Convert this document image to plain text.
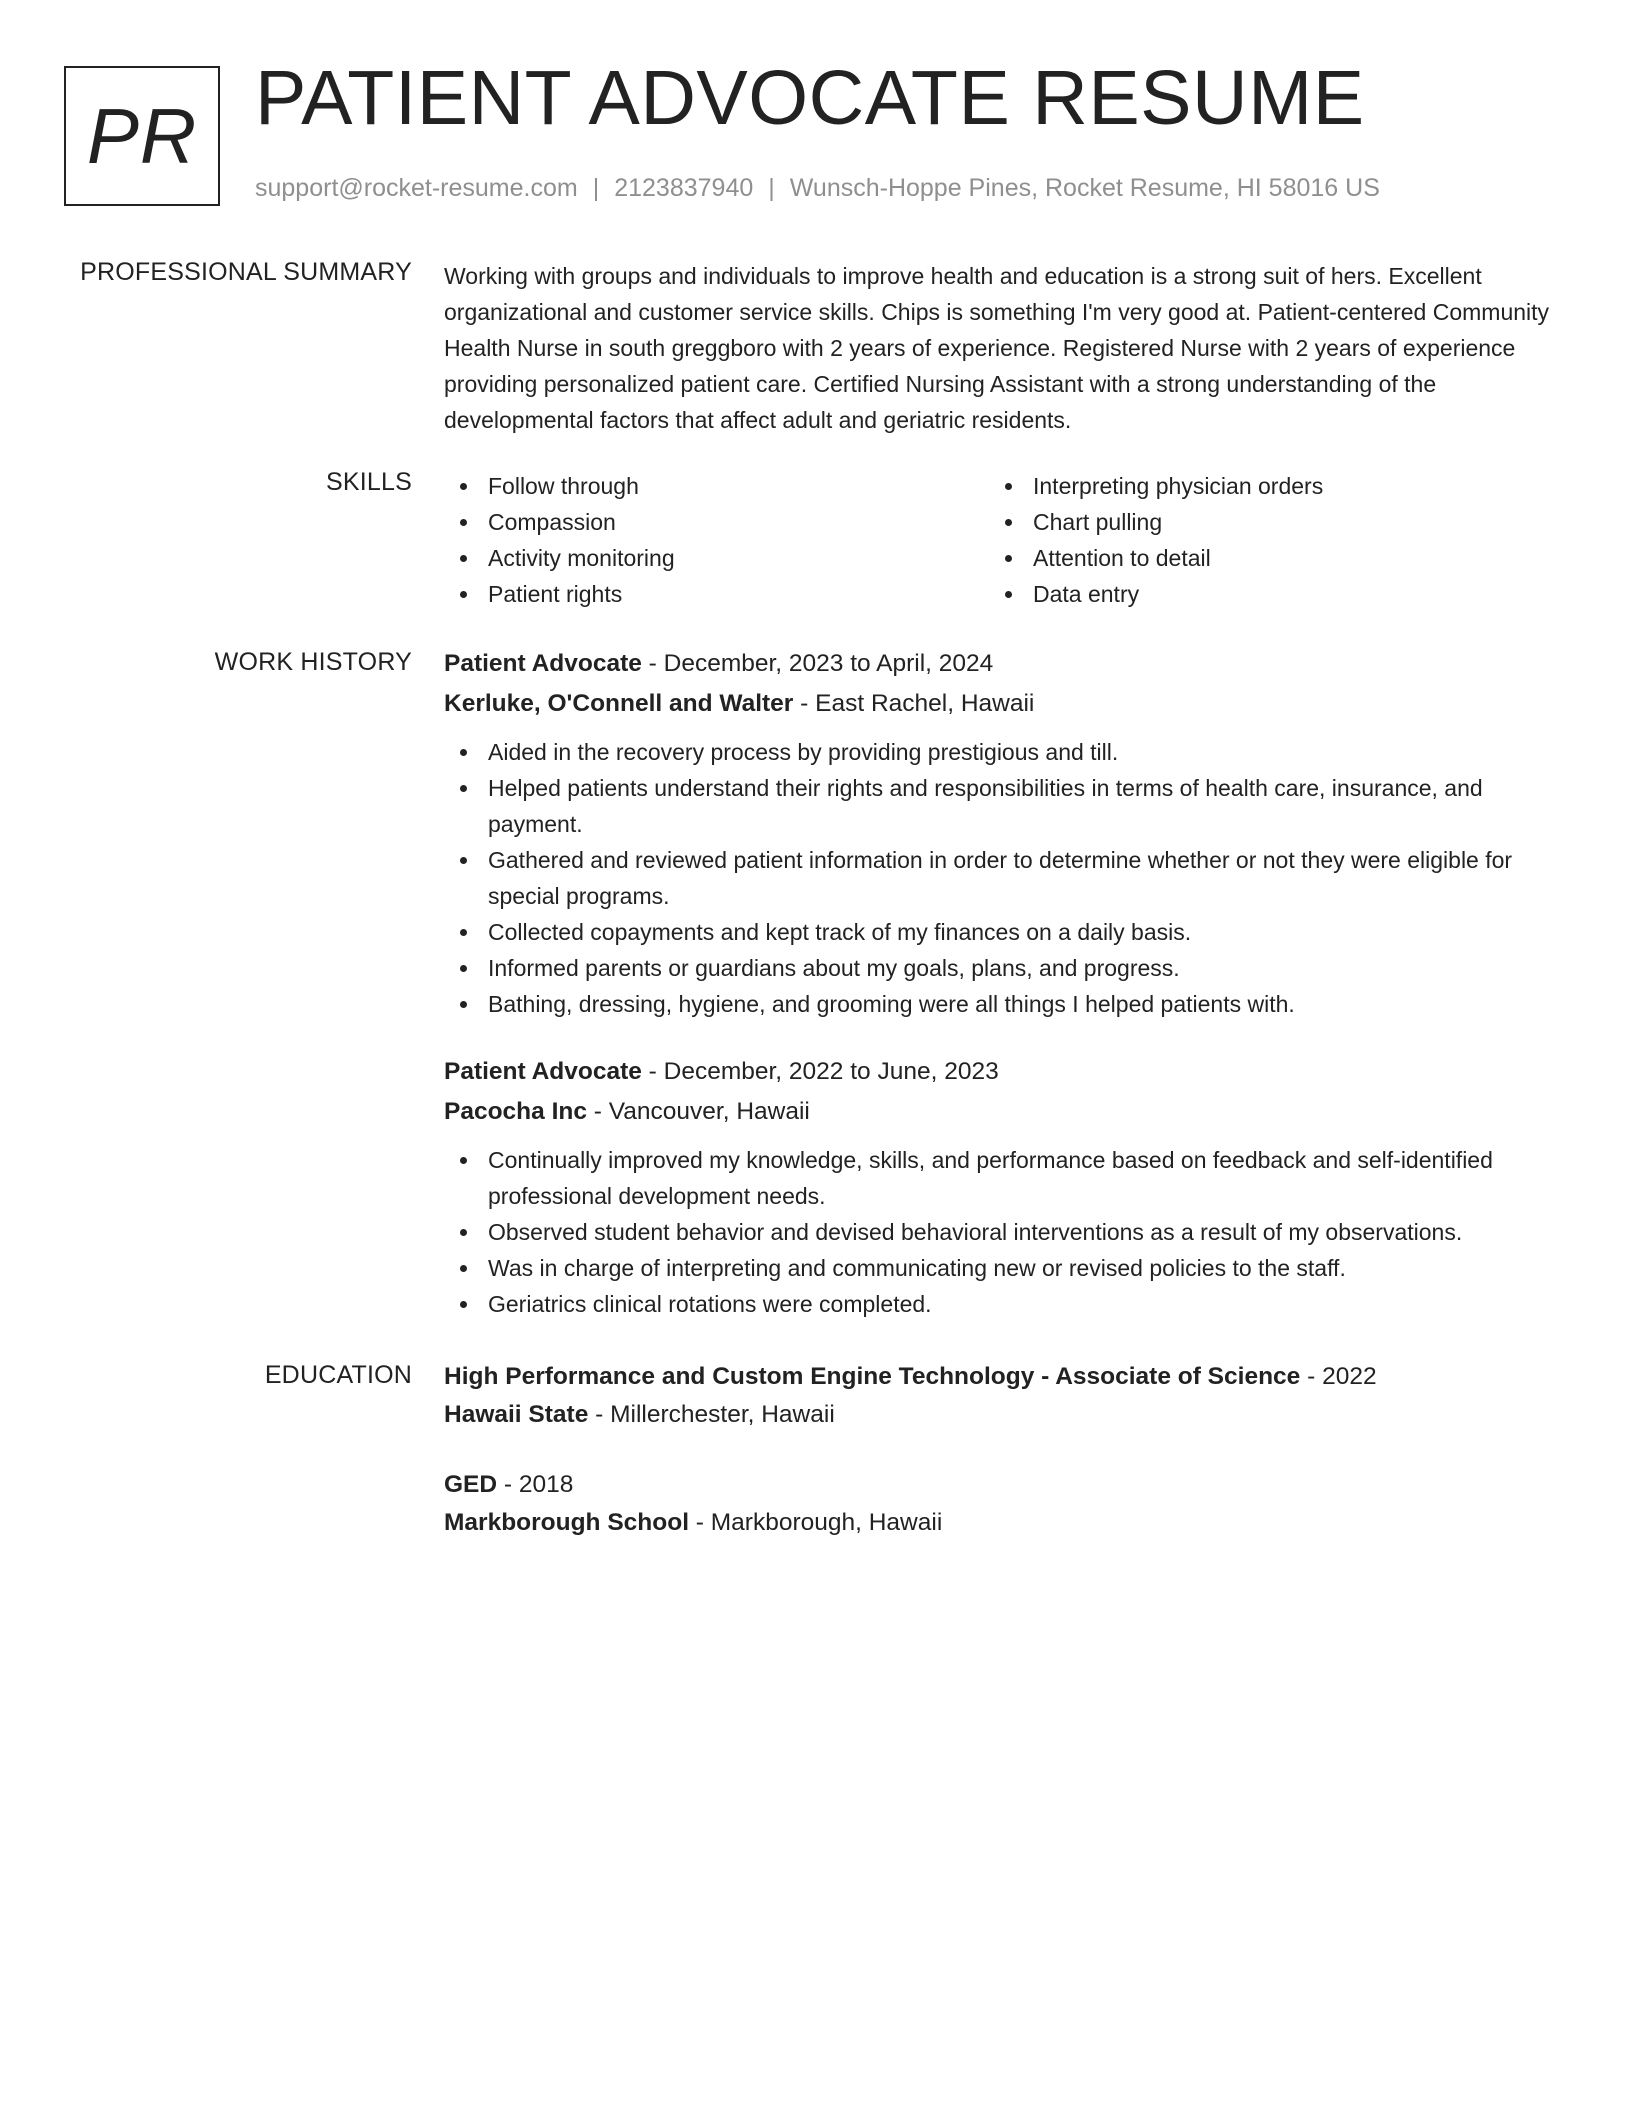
PR PATIENT ADVOCATE RESUME
support@rocket-resume.com | 2123837940 | Wunsch-Hoppe Pines, Rocket Resume, HI 58016 US
PROFESSIONAL SUMMARY Working with groups and individuals to improve health and education is a strong suit of hers. Excellent organizational and customer service skills. Chips is something I'm very good at. Patient-centered Community Health Nurse in south greggboro with 2 years of experience. Registered Nurse with 2 years of experience providing personalized patient care. Certified Nursing Assistant with a strong understanding of the developmental factors that affect adult and geriatric residents.

SKILLS	Follow through
Compassion
Activity monitoring
Patient rights
Interpreting physician orders
Chart pulling
Attention to detail
Data entry
WORK HISTORY Patient Advocate - December, 2023 to April, 2024
Kerluke, O'Connell and Walter - East Rachel, Hawaii
Aided in the recovery process by providing prestigious and till.
Helped patients understand their rights and responsibilities in terms of health care, insurance, and payment.
Gathered and reviewed patient information in order to determine whether or not they were eligible for special programs.
Collected copayments and kept track of my finances on a daily basis.
Informed parents or guardians about my goals, plans, and progress.
Bathing, dressing, hygiene, and grooming were all things I helped patients with.
Patient Advocate - December, 2022 to June, 2023
Pacocha Inc - Vancouver, Hawaii
Continually improved my knowledge, skills, and performance based on feedback and self-identified professional development needs.
Observed student behavior and devised behavioral interventions as a result of my observations.
Was in charge of interpreting and communicating new or revised policies to the staff.
Geriatrics clinical rotations were completed.
EDUCATION High Performance and Custom Engine Technology - Associate of Science - 2022
Hawaii State - Millerchester, Hawaii
GED - 2018
Markborough School - Markborough, Hawaii
